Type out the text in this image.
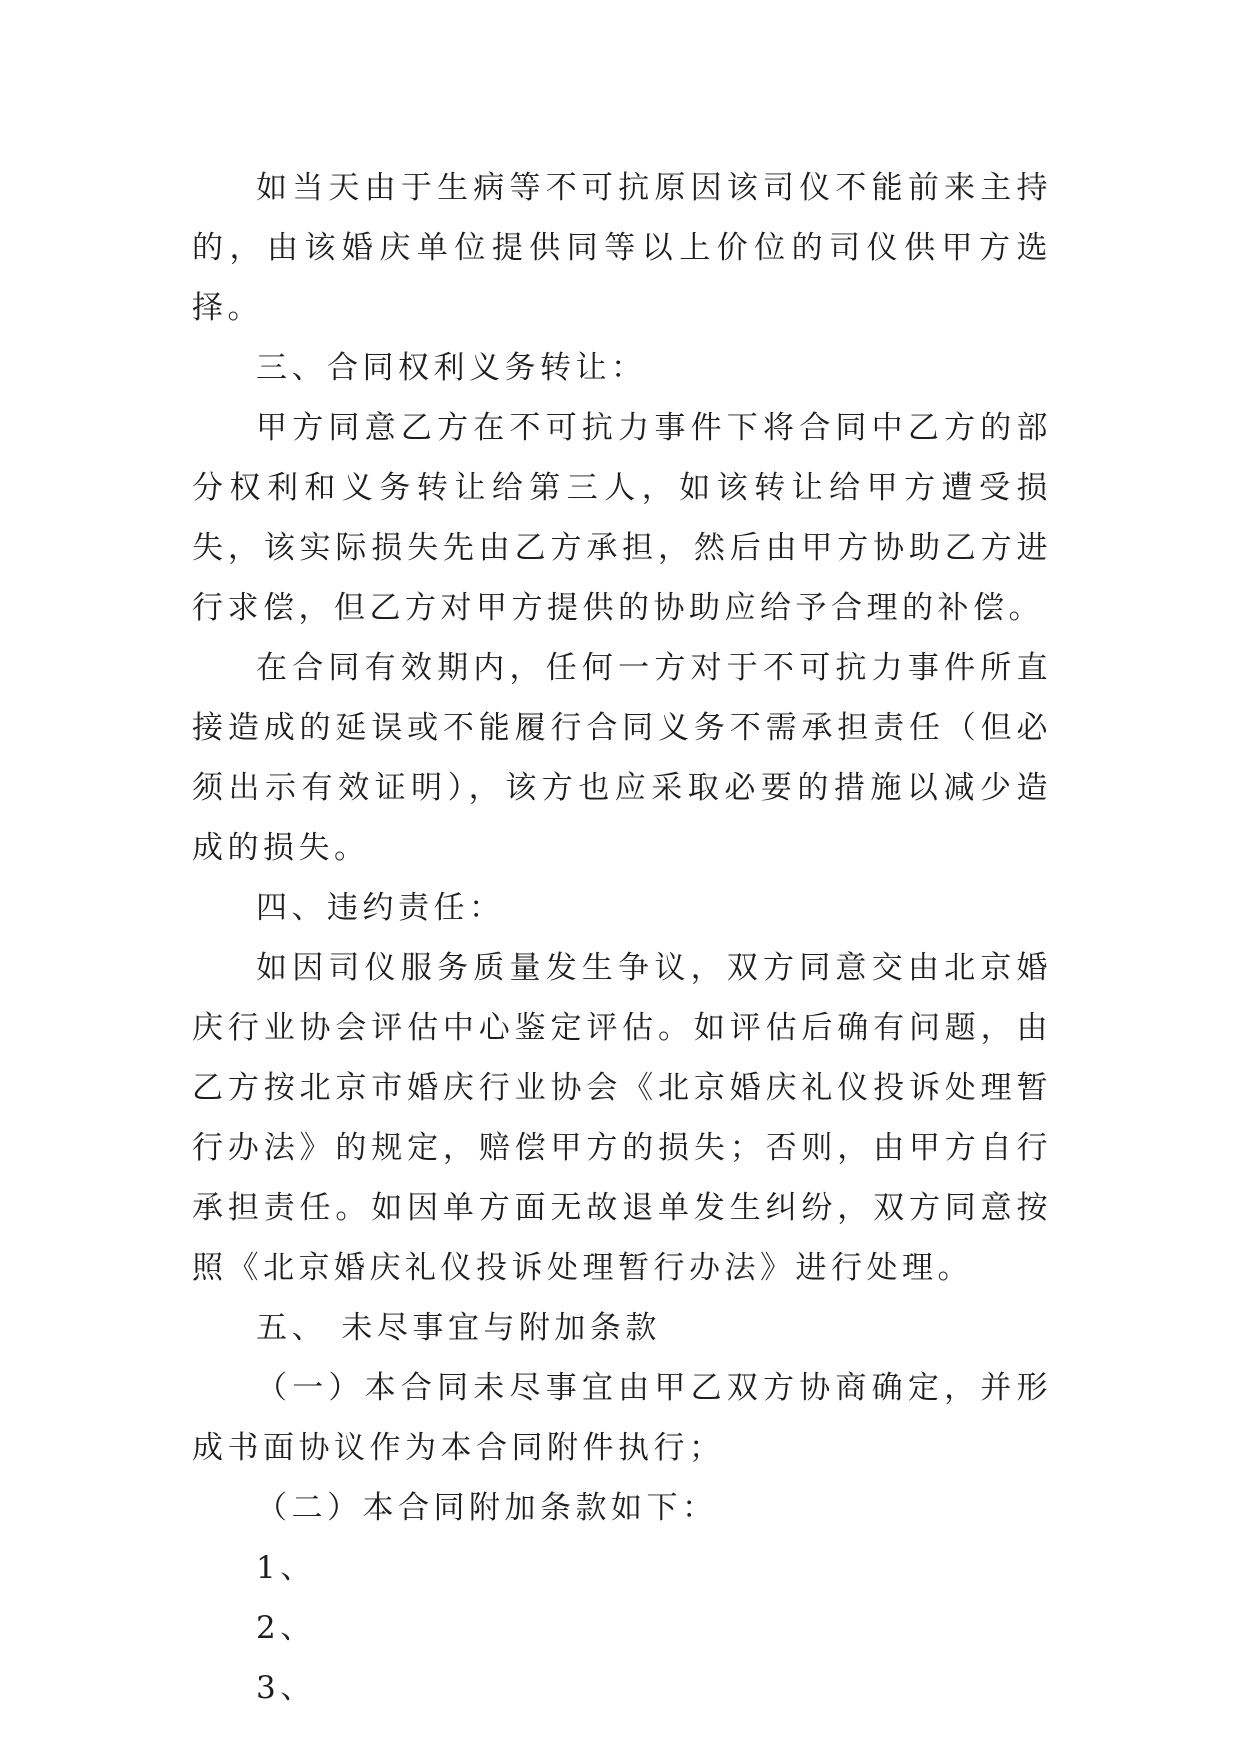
如当天由于生病等不可抗原因该司仪不能前来主持的，由该婚庆单位提供同等以上价位的司仪供甲方选择。

三、合同权利义务转让：

甲方同意乙方在不可抗力事件下将合同中乙方的部分权利和义务转让给第三人，如该转让给甲方遭受损失，该实际损失先由乙方承担，然后由甲方协助乙方进行求偿，但乙方对甲方提供的协助应给予合理的补偿。

在合同有效期内，任何一方对于不可抗力事件所直接造成的延误或不能履行合同义务不需承担责任（但必须出示有效证明），该方也应采取必要的措施以减少造成的损失。

四、违约责任：

如因司仪服务质量发生争议，双方同意交由北京婚庆行业协会评估中心鉴定评估。如评估后确有问题，由乙方按北京市婚庆行业协会《北京婚庆礼仪投诉处理暂行办法》的规定，赔偿甲方的损失；否则，由甲方自行承担责任。如因单方面无故退单发生纠纷，双方同意按照《北京婚庆礼仪投诉处理暂行办法》进行处理。

五、 未尽事宜与附加条款

（一）本合同未尽事宜由甲乙双方协商确定，并形成书面协议作为本合同附件执行；

（二）本合同附加条款如下：

1、

2、

3、
